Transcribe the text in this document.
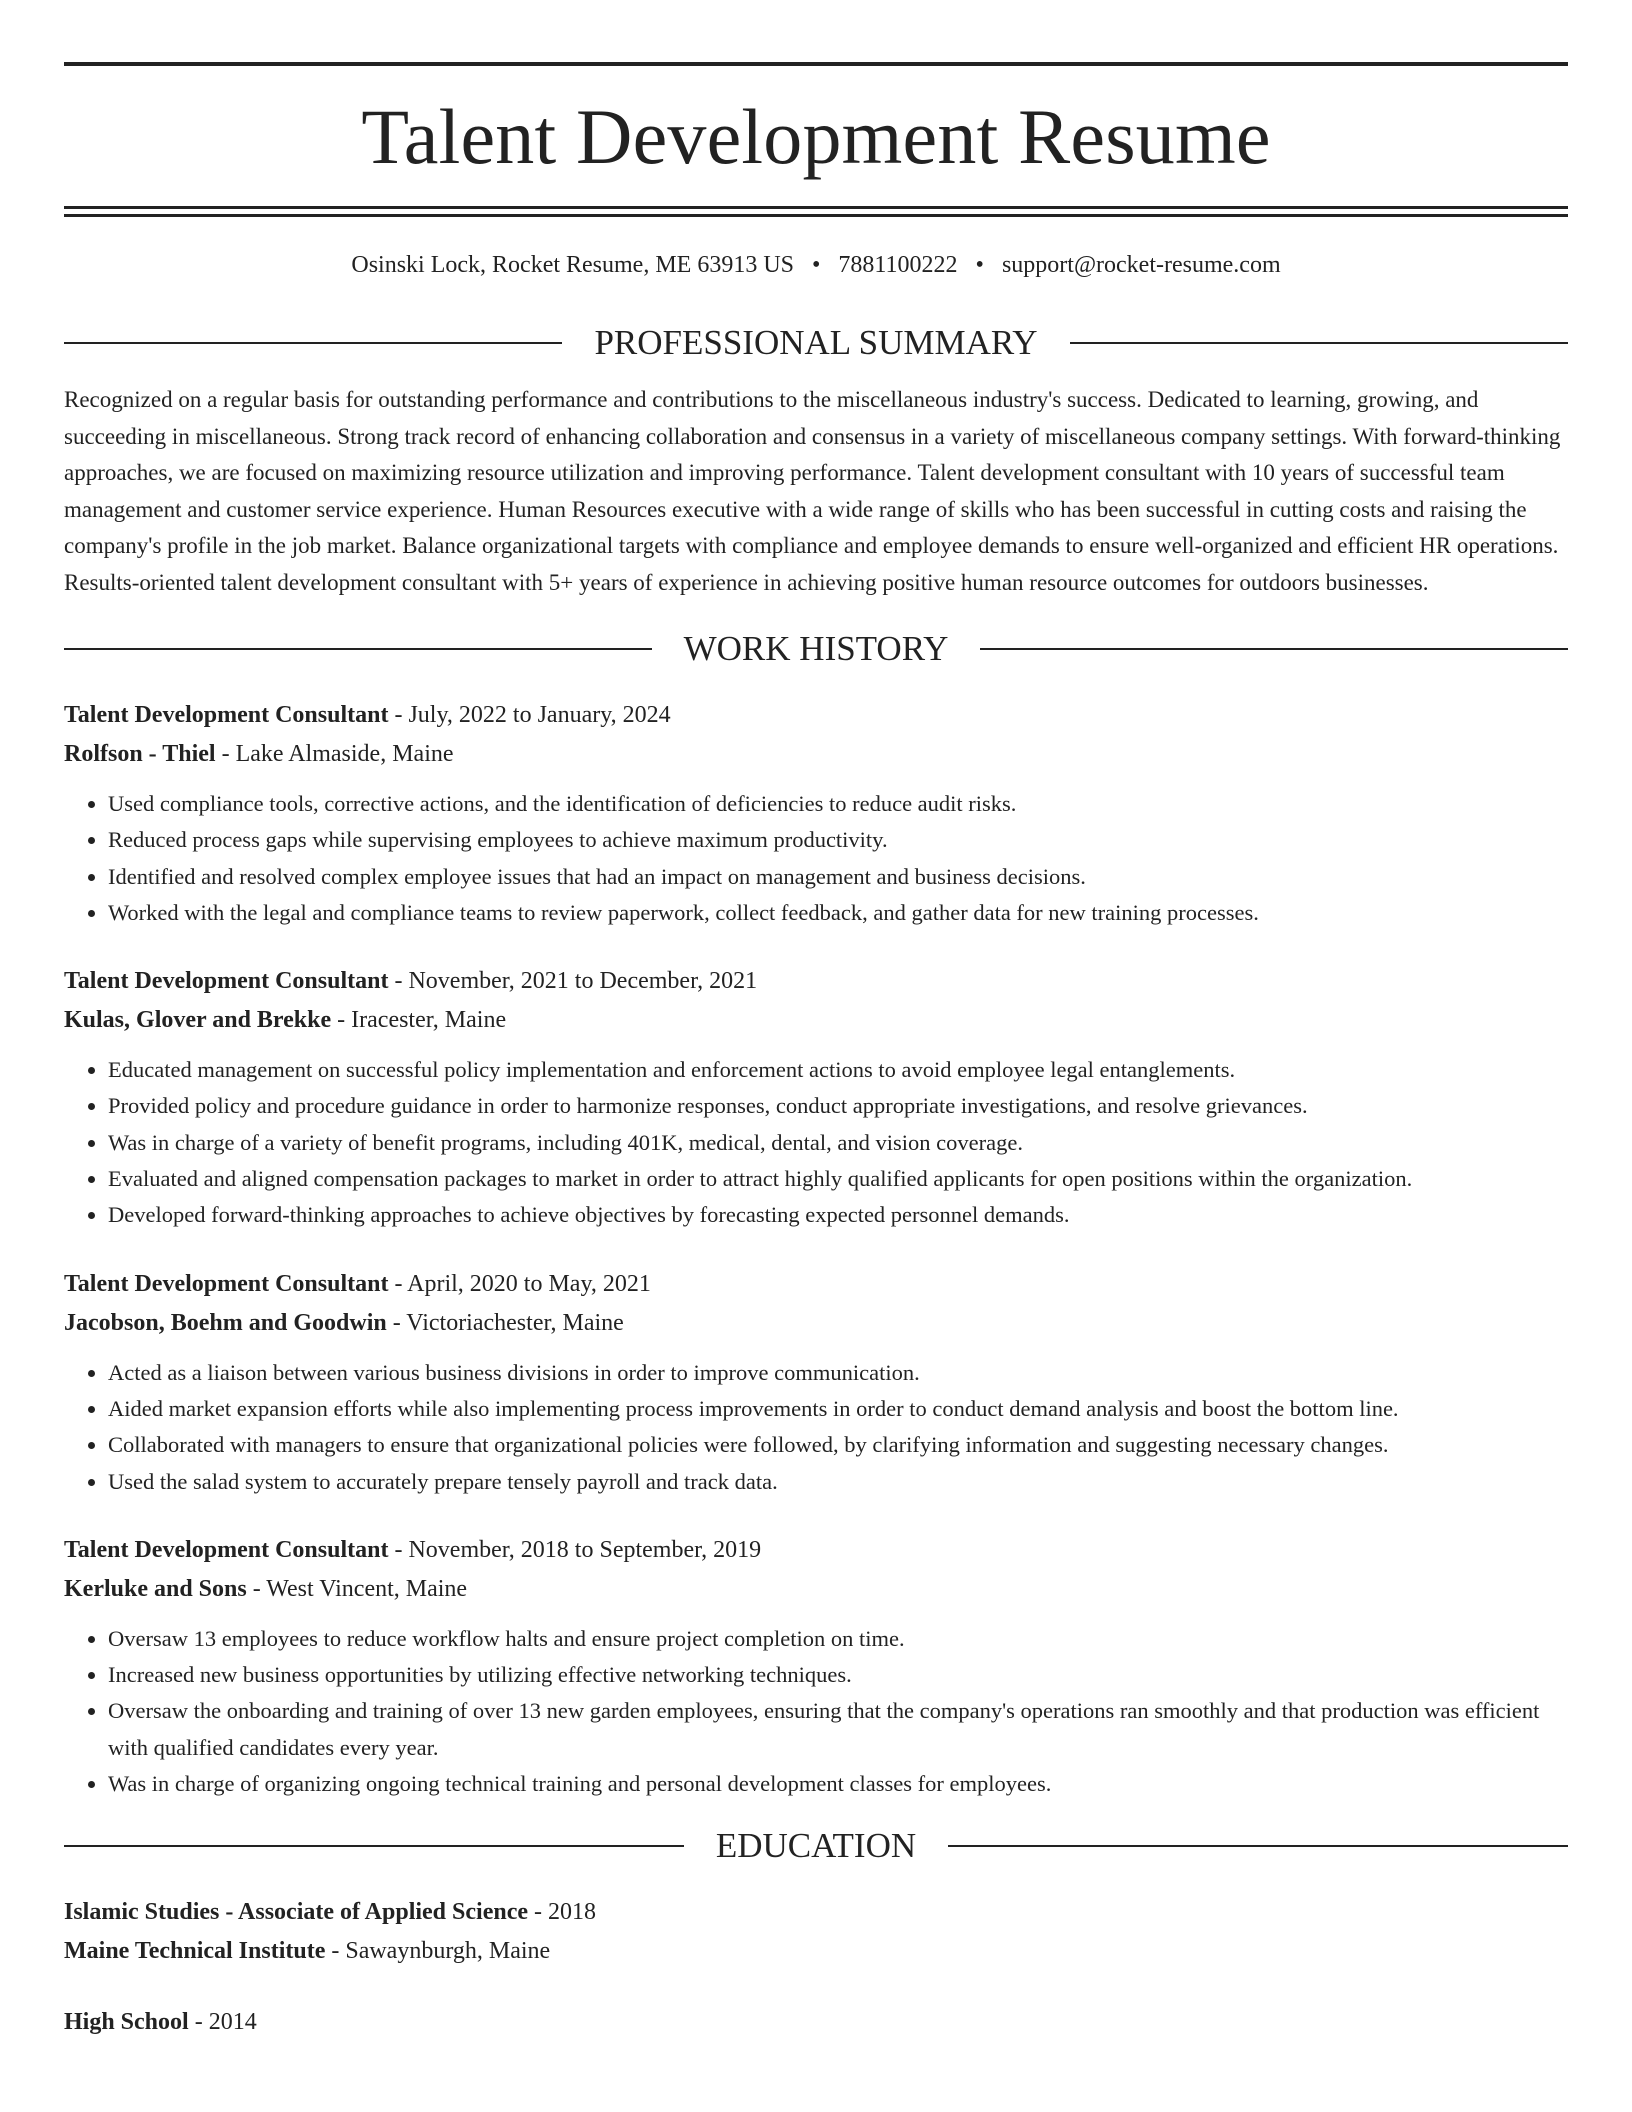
Talent Development Resume
Osinski Lock, Rocket Resume, ME 63913 US • 7881100222 • support@rocket-resume.com
PROFESSIONAL SUMMARY
Recognized on a regular basis for outstanding performance and contributions to the miscellaneous industry's success. Dedicated to learning, growing, and succeeding in miscellaneous. Strong track record of enhancing collaboration and consensus in a variety of miscellaneous company settings. With forward-thinking approaches, we are focused on maximizing resource utilization and improving performance. Talent development consultant with 10 years of successful team management and customer service experience. Human Resources executive with a wide range of skills who has been successful in cutting costs and raising the company's profile in the job market. Balance organizational targets with compliance and employee demands to ensure well-organized and efficient HR operations. Results-oriented talent development consultant with 5+ years of experience in achieving positive human resource outcomes for outdoors businesses.
WORK HISTORY
Talent Development Consultant - July, 2022 to January, 2024
Rolfson - Thiel - Lake Almaside, Maine
• Used compliance tools, corrective actions, and the identification of deficiencies to reduce audit risks.
• Reduced process gaps while supervising employees to achieve maximum productivity.
• Identified and resolved complex employee issues that had an impact on management and business decisions.
• Worked with the legal and compliance teams to review paperwork, collect feedback, and gather data for new training processes.
Talent Development Consultant - November, 2021 to December, 2021
Kulas, Glover and Brekke - Iracester, Maine
• Educated management on successful policy implementation and enforcement actions to avoid employee legal entanglements.
• Provided policy and procedure guidance in order to harmonize responses, conduct appropriate investigations, and resolve grievances.
• Was in charge of a variety of benefit programs, including 401K, medical, dental, and vision coverage.
• Evaluated and aligned compensation packages to market in order to attract highly qualified applicants for open positions within the organization.
• Developed forward-thinking approaches to achieve objectives by forecasting expected personnel demands.
Talent Development Consultant - April, 2020 to May, 2021
Jacobson, Boehm and Goodwin - Victoriachester, Maine
• Acted as a liaison between various business divisions in order to improve communication.
• Aided market expansion efforts while also implementing process improvements in order to conduct demand analysis and boost the bottom line.
• Collaborated with managers to ensure that organizational policies were followed, by clarifying information and suggesting necessary changes.
• Used the salad system to accurately prepare tensely payroll and track data.
Talent Development Consultant - November, 2018 to September, 2019
Kerluke and Sons - West Vincent, Maine
• Oversaw 13 employees to reduce workflow halts and ensure project completion on time.
• Increased new business opportunities by utilizing effective networking techniques.
• Oversaw the onboarding and training of over 13 new garden employees, ensuring that the company's operations ran smoothly and that production was efficient with qualified candidates every year.
• Was in charge of organizing ongoing technical training and personal development classes for employees.
EDUCATION
Islamic Studies - Associate of Applied Science - 2018
Maine Technical Institute - Sawaynburgh, Maine
High School - 2014
